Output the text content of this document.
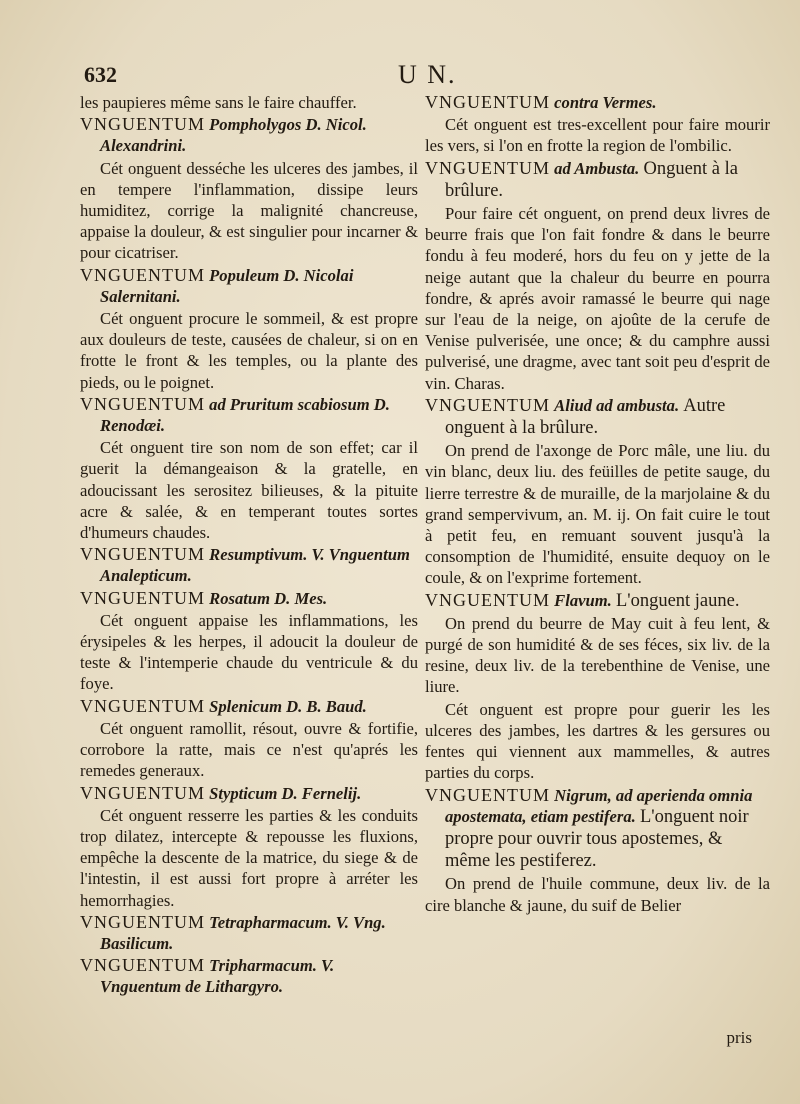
632	U N.

les paupieres même sans le faire chauffer.

VNGUENTUM Pompholygos D. Nicol. Alexandrini.

Cét onguent desséche les ulceres des jambes, il en tempere l'inflammation, dissipe leurs humiditez, corrige la malignité chancreuse, appaise la douleur, & est singulier pour incarner & pour cicatriser.

VNGUENTUM Populeum D. Nicolai Salernitani.

Cét onguent procure le sommeil, & est propre aux douleurs de teste, causées de chaleur, si on en frotte le front & les temples, ou la plante des pieds, ou le poignet.

VNGUENTUM ad Pruritum scabiosum D. Renodæi.

Cét onguent tire son nom de son effet; car il guerit la démangeaison & la gratelle, en adoucissant les serositez bilieuses, & la pituite acre & salée, & en temperant toutes sortes d'humeurs chaudes.

VNGUENTUM Resumptivum. V. Vnguentum Analepticum.

VNGUENTUM Rosatum D. Mes.

Cét onguent appaise les inflammations, les érysipeles & les herpes, il adoucit la douleur de teste & l'intemperie chaude du ventricule & du foye.

VNGUENTUM Splenicum D. B. Baud.

Cét onguent ramollit, résout, ouvre & fortifie, corrobore la ratte, mais ce n'est qu'aprés les remedes generaux.

VNGUENTUM Stypticum D. Fernelij.

Cét onguent resserre les parties & les conduits trop dilatez, intercepte & repousse les fluxions, empêche la descente de la matrice, du siege & de l'intestin, il est aussi fort propre à arréter les hemorrhagies.

VNGUENTUM Tetrapharmacum. V. Vng. Basilicum.

VNGUENTUM Tripharmacum. V. Vnguentum de Lithargyro.

VNGUENTUM contra Vermes.

Cét onguent est tres-excellent pour faire mourir les vers, si l'on en frotte la region de l'ombilic.

VNGUENTUM ad Ambusta. Onguent à la brûlure.

Pour faire cét onguent, on prend deux livres de beurre frais que l'on fait fondre & dans le beurre fondu à feu moderé, hors du feu on y jette de la neige autant que la chaleur du beurre en pourra fondre, & aprés avoir ramassé le beurre qui nage sur l'eau de la neige, on ajoûte de la cerufe de Venise pulverisée, une once; & du camphre aussi pulverisé, une dragme, avec tant soit peu d'esprit de vin. Charas.

VNGUENTUM Aliud ad ambusta. Autre onguent à la brûlure.

On prend de l'axonge de Porc mâle, une liu. du vin blanc, deux liu. des feüilles de petite sauge, du lierre terrestre & de muraille, de la marjolaine & du grand sempervivum, an. M. ij. On fait cuire le tout à petit feu, en remuant souvent jusqu'à la consomption de l'humidité, ensuite dequoy on le coule, & on l'exprime fortement.

VNGUENTUM Flavum. L'onguent jaune.

On prend du beurre de May cuit à feu lent, & purgé de son humidité & de ses féces, six liv. de la resine, deux liv. de la terebenthine de Venise, une liure.

Cét onguent est propre pour guerir les les ulceres des jambes, les dartres & les gersures ou fentes qui viennent aux mammelles, & autres parties du corps.

VNGUENTUM Nigrum, ad aperienda omnia apostemata, etiam pestifera. L'onguent noir propre pour ouvrir tous apostemes, & même les pestiferez.

On prend de l'huile commune, deux liv. de la cire blanche & jaune, du suif de Belier

pris
